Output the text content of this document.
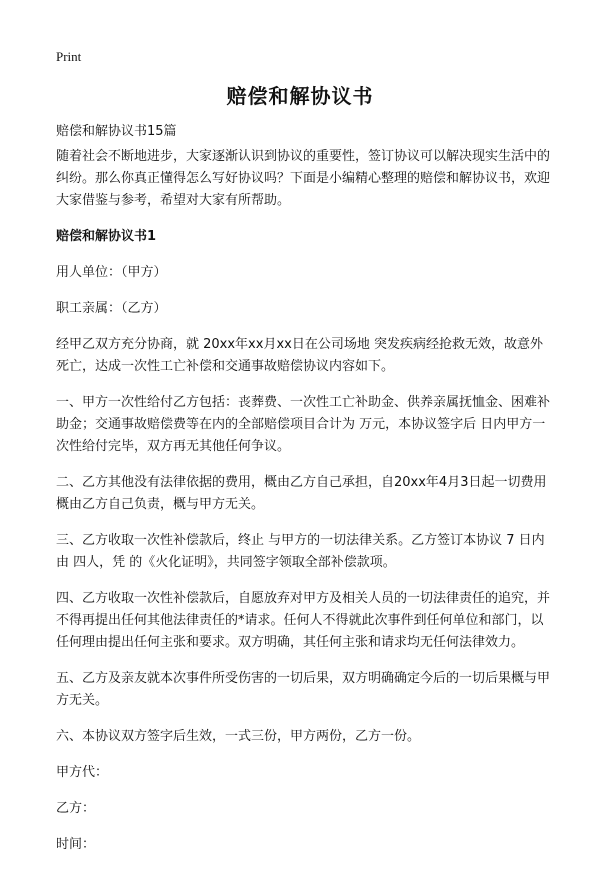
Print
赔偿和解协议书
赔偿和解协议书15篇

随着社会不断地进步，大家逐渐认识到协议的重要性，签订协议可以解决现实生活中的纠纷。那么你真正懂得怎么写好协议吗？下面是小编精心整理的赔偿和解协议书，欢迎大家借鉴与参考，希望对大家有所帮助。

赔偿和解协议书1

用人单位：（甲方）

职工亲属：（乙方）

经甲乙双方充分协商，就 20xx年xx月xx日在公司场地 突发疾病经抢救无效，故意外死亡，达成一次性工亡补偿和交通事故赔偿协议内容如下。

一、甲方一次性给付乙方包括：丧葬费、一次性工亡补助金、供养亲属抚恤金、困难补助金；交通事故赔偿费等在内的全部赔偿项目合计为 万元，本协议签字后 日内甲方一次性给付完毕，双方再无其他任何争议。

二、乙方其他没有法律依据的费用，概由乙方自己承担，自20xx年4月3日起一切费用概由乙方自己负责，概与甲方无关。

三、乙方收取一次性补偿款后，终止 与甲方的一切法律关系。乙方签订本协议 7 日内由 四人，凭 的《火化证明》，共同签字领取全部补偿款项。

四、乙方收取一次性补偿款后，自愿放弃对甲方及相关人员的一切法律责任的追究，并不得再提出任何其他法律责任的*请求。任何人不得就此次事件到任何单位和部门，以任何理由提出任何主张和要求。双方明确，其任何主张和请求均无任何法律效力。

五、乙方及亲友就本次事件所受伤害的一切后果，双方明确确定今后的一切后果概与甲方无关。

六、本协议双方签字后生效，一式三份，甲方两份，乙方一份。

甲方代：

乙方：

时间：
